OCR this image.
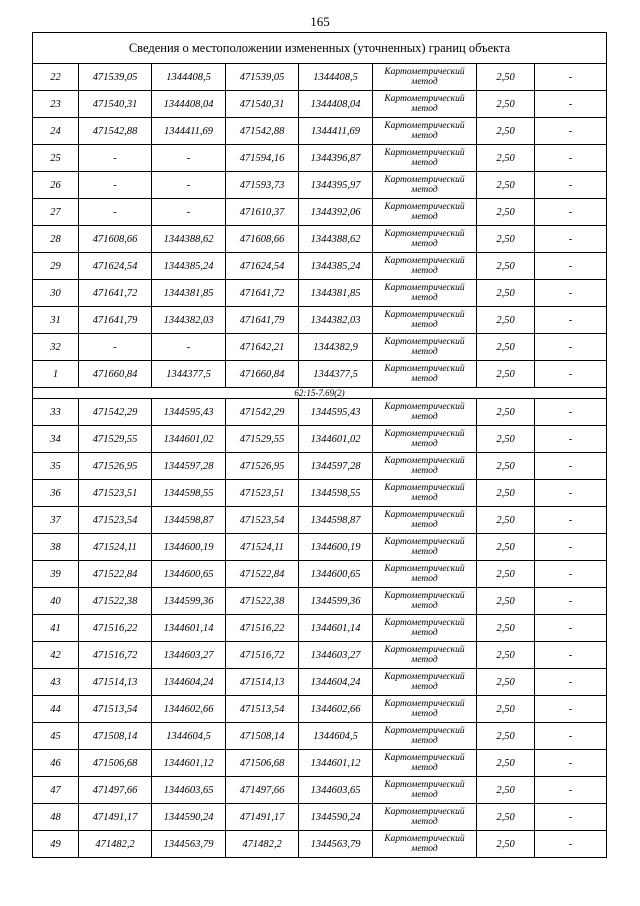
165
Сведения о местоположении измененных (уточненных) границ объекта							
22	471539,05	1344408,5	471539,05	1344408,5	Картометрический метод	2,50	-
23	471540,31	1344408,04	471540,31	1344408,04	Картометрический метод	2,50	-
24	471542,88	1344411,69	471542,88	1344411,69	Картометрический метод	2,50	-
25	-	-	471594,16	1344396,87	Картометрический метод	2,50	-
26	-	-	471593,73	1344395,97	Картометрический метод	2,50	-
27	-	-	471610,37	1344392,06	Картометрический метод	2,50	-
28	471608,66	1344388,62	471608,66	1344388,62	Картометрический метод	2,50	-
29	471624,54	1344385,24	471624,54	1344385,24	Картометрический метод	2,50	-
30	471641,72	1344381,85	471641,72	1344381,85	Картометрический метод	2,50	-
31	471641,79	1344382,03	471641,79	1344382,03	Картометрический метод	2,50	-
32	-	-	471642,21	1344382,9	Картометрический метод	2,50	-
1	471660,84	1344377,5	471660,84	1344377,5	Картометрический метод	2,50	-
62:15-7.69(2)							
33	471542,29	1344595,43	471542,29	1344595,43	Картометрический метод	2,50	-
34	471529,55	1344601,02	471529,55	1344601,02	Картометрический метод	2,50	-
35	471526,95	1344597,28	471526,95	1344597,28	Картометрический метод	2,50	-
36	471523,51	1344598,55	471523,51	1344598,55	Картометрический метод	2,50	-
37	471523,54	1344598,87	471523,54	1344598,87	Картометрический метод	2,50	-
38	471524,11	1344600,19	471524,11	1344600,19	Картометрический метод	2,50	-
39	471522,84	1344600,65	471522,84	1344600,65	Картометрический метод	2,50	-
40	471522,38	1344599,36	471522,38	1344599,36	Картометрический метод	2,50	-
41	471516,22	1344601,14	471516,22	1344601,14	Картометрический метод	2,50	-
42	471516,72	1344603,27	471516,72	1344603,27	Картометрический метод	2,50	-
43	471514,13	1344604,24	471514,13	1344604,24	Картометрический метод	2,50	-
44	471513,54	1344602,66	471513,54	1344602,66	Картометрический метод	2,50	-
45	471508,14	1344604,5	471508,14	1344604,5	Картометрический метод	2,50	-
46	471506,68	1344601,12	471506,68	1344601,12	Картометрический метод	2,50	-
47	471497,66	1344603,65	471497,66	1344603,65	Картометрический метод	2,50	-
48	471491,17	1344590,24	471491,17	1344590,24	Картометрический метод	2,50	-
49	471482,2	1344563,79	471482,2	1344563,79	Картометрический метод	2,50	-
